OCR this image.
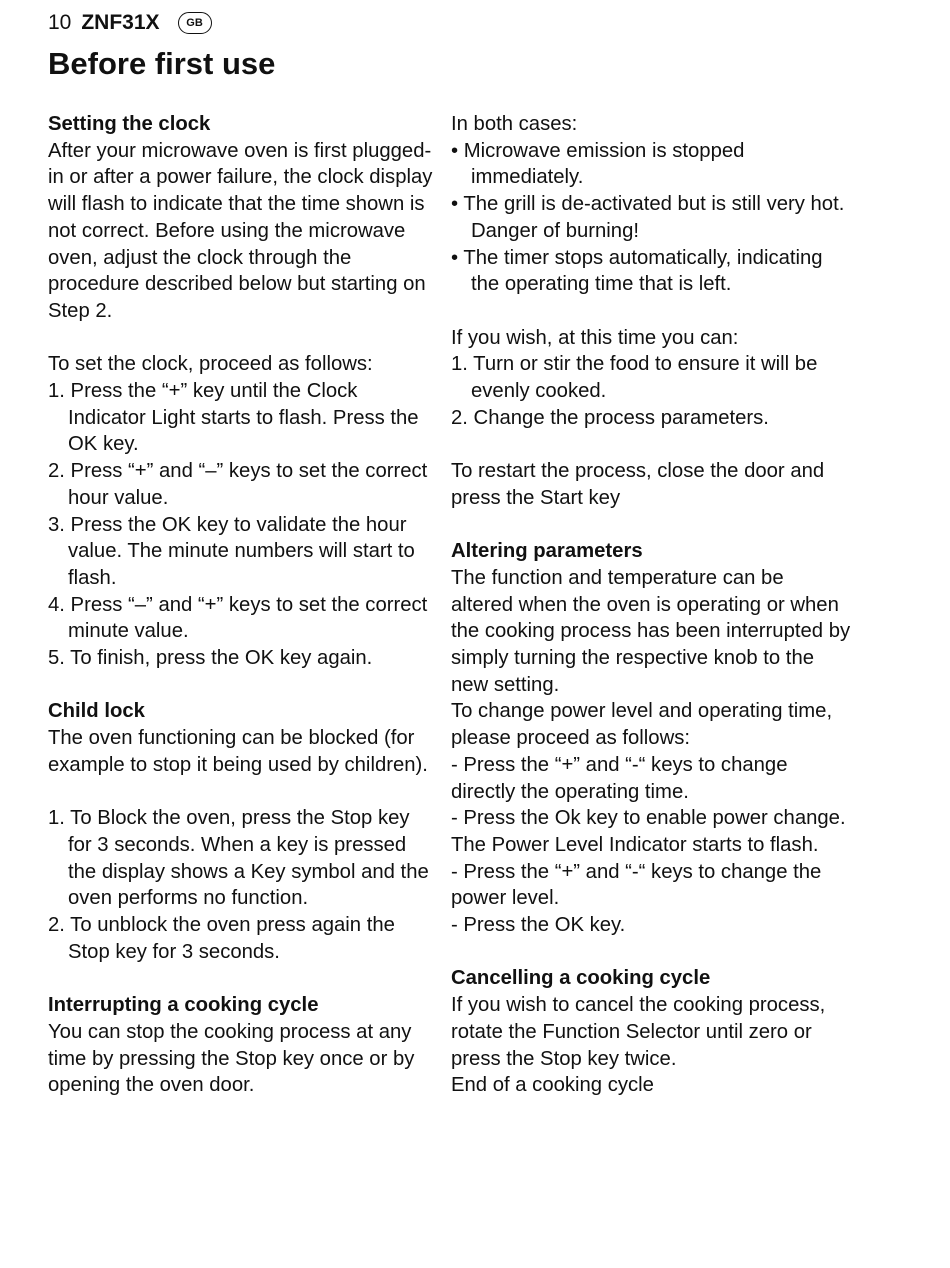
10 ZNF31X	GB
Before first use

Setting the clock

After your microwave oven is first plugged-in or after a power failure, the clock display will flash to indicate that the time shown is not correct. Before using the microwave oven, adjust the clock through the procedure described below but starting on Step 2.

To set the clock, proceed as follows:

1. Press the “+” key until the Clock Indicator Light starts to flash. Press the OK key.

2. Press “+” and “–” keys to set the correct hour value.

3. Press the OK key to validate the hour value. The minute numbers will start to flash.

4. Press “–” and “+” keys to set the correct minute value.

5. To finish, press the OK key again.

Child lock

The oven functioning can be blocked (for example to stop it being used by children).

1. To Block the oven, press the Stop key for 3 seconds. When a key is pressed the display shows a Key symbol and the oven performs no function.

2. To unblock the oven press again the Stop key for 3 seconds.

Interrupting a cooking cycle

You can stop the cooking process at any time by pressing the Stop key once or by opening the oven door.

In both cases:

• Microwave emission is stopped immediately.

• The grill is de-activated but is still very hot. Danger of burning!

• The timer stops automatically, indicating the operating time that is left.

If you wish, at this time you can:

1. Turn or stir the food to ensure it will be evenly cooked.

2. Change the process parameters.

To restart the process, close the door and press the Start key

Altering parameters

The function and temperature can be altered when the oven is operating or when the cooking process has been interrupted by simply turning the respective knob to the new setting.

To change power level and operating time, please proceed as follows:

- Press the “+” and “-“ keys to change directly the operating time.

- Press the Ok key to enable power change. The Power Level Indicator starts to flash.

- Press the “+” and “-“ keys to change the power level.

- Press the OK key.

Cancelling a cooking cycle

If you wish to cancel the cooking process, rotate the Function Selector until zero or press the Stop key twice.

End of a cooking cycle
